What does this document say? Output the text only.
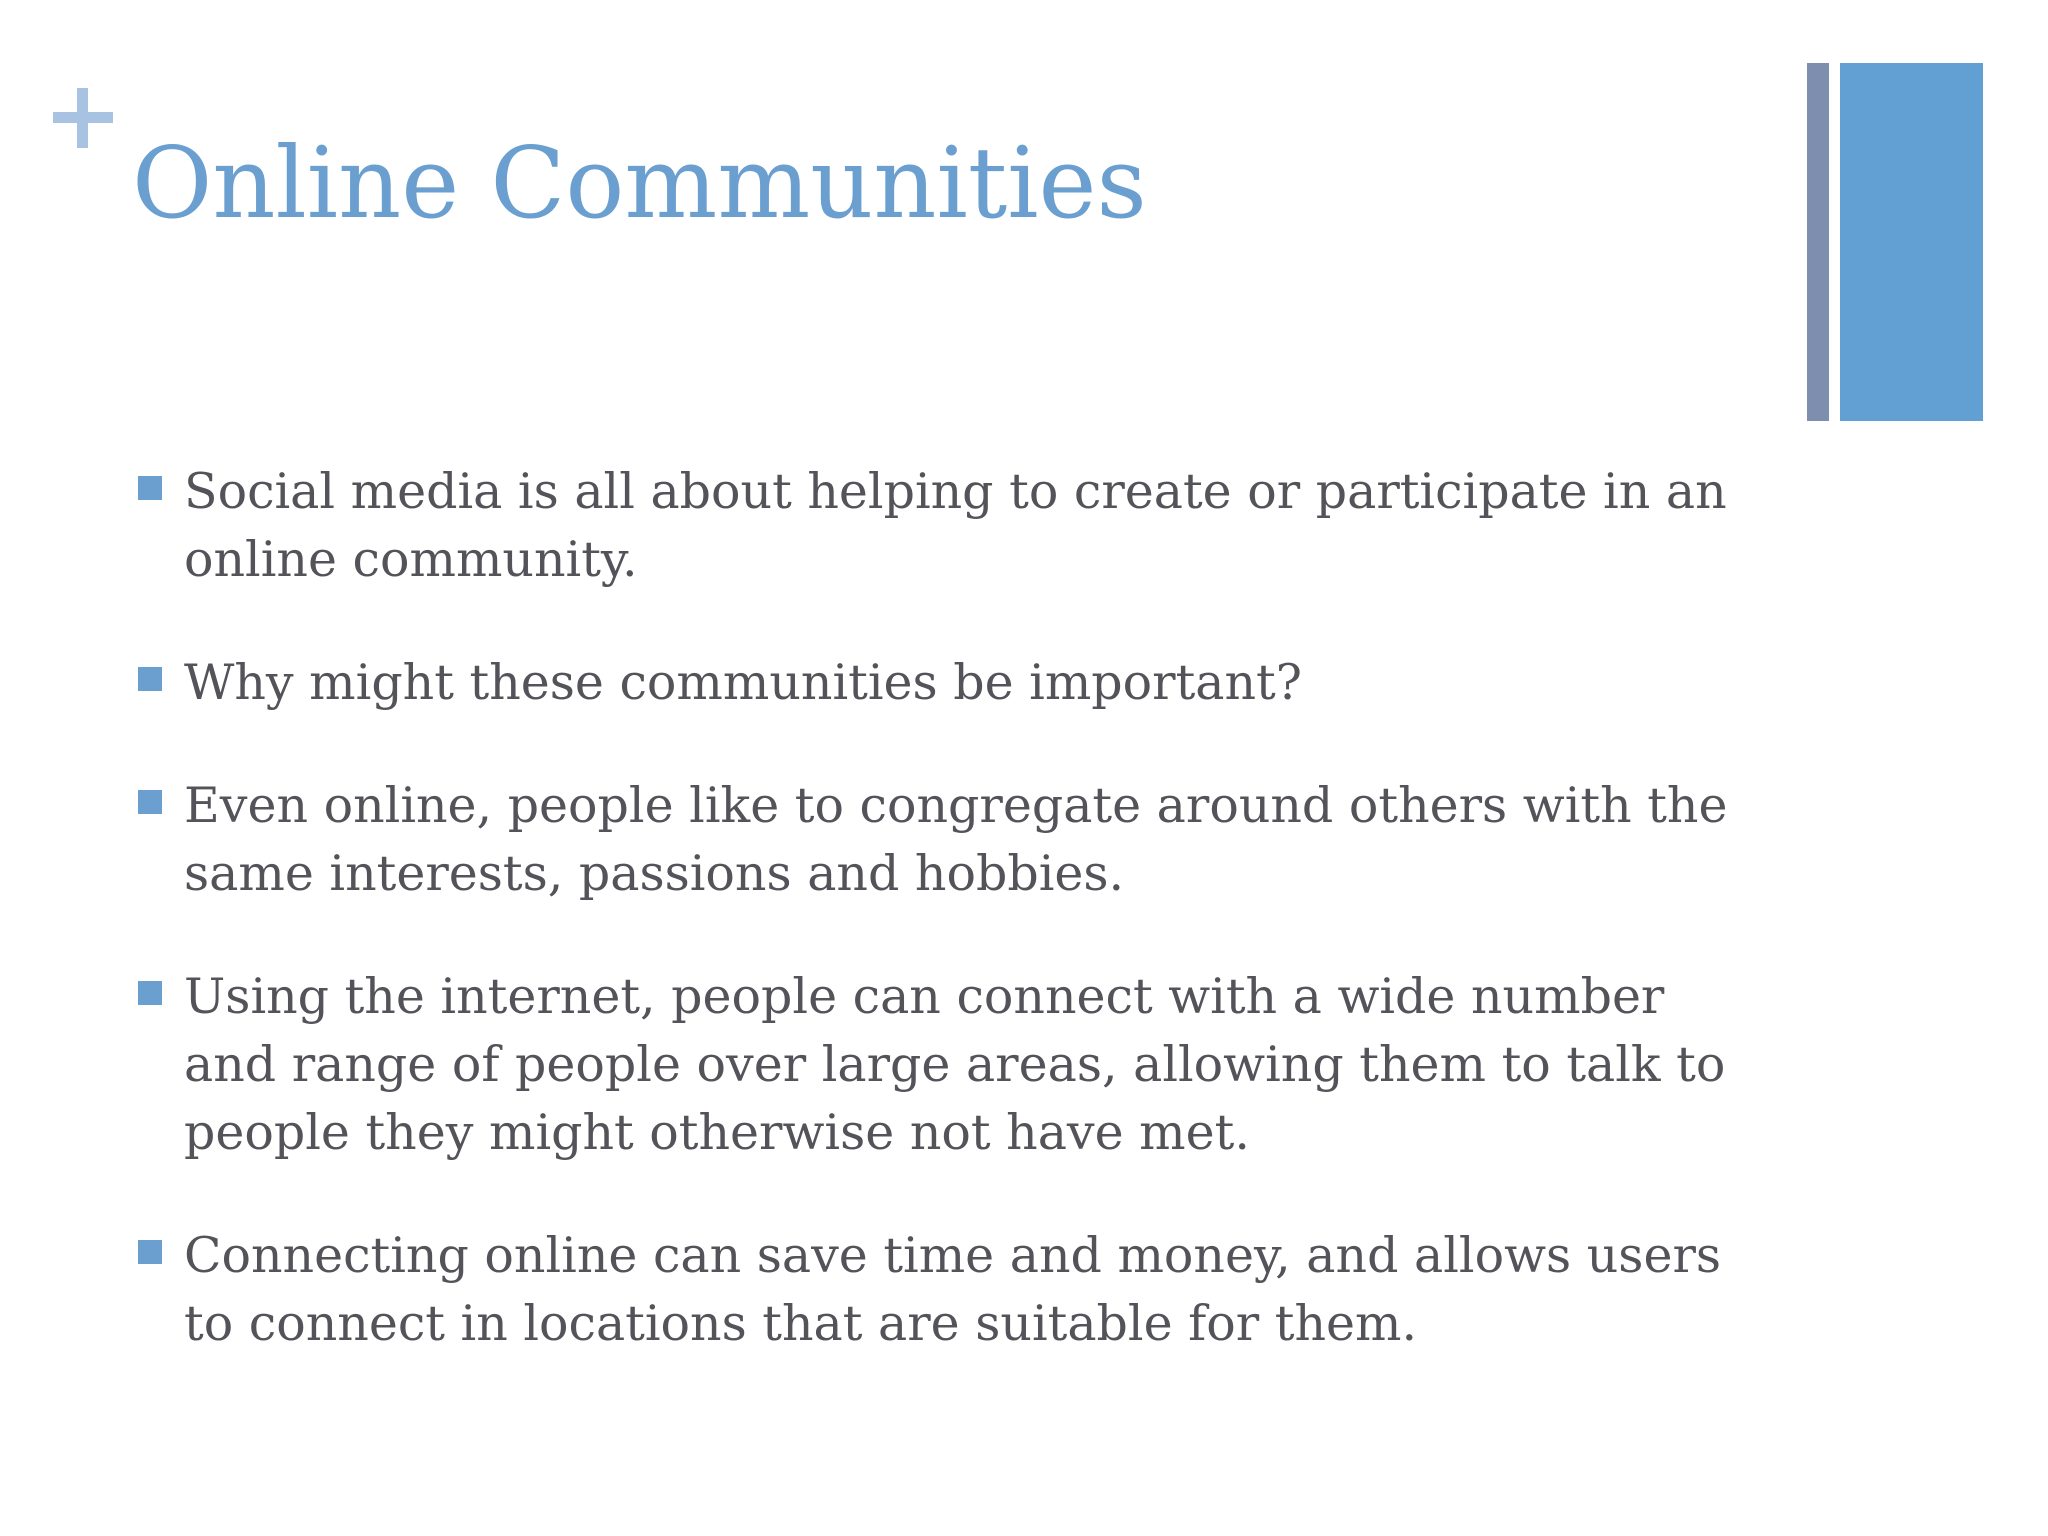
Online Communities
Social media is all about helping to create or participate in an online community.
Why might these communities be important?
Even online, people like to congregate around others with the same interests, passions and hobbies.
Using the internet, people can connect with a wide number and range of people over large areas, allowing them to talk to people they might otherwise not have met.
Connecting online can save time and money, and allows users to connect in locations that are suitable for them.
